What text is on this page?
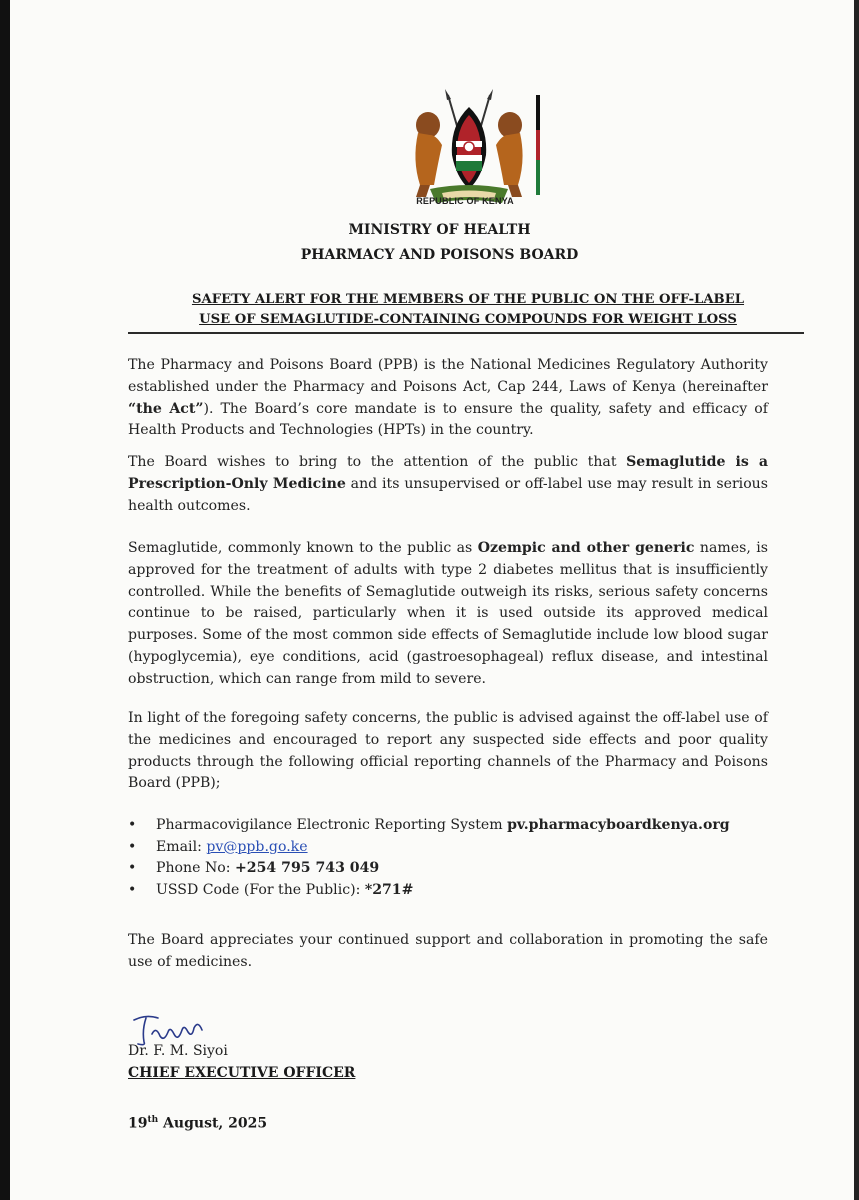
REPUBLIC OF KENYA
MINISTRY OF HEALTH
PHARMACY AND POISONS BOARD
SAFETY ALERT FOR THE MEMBERS OF THE PUBLIC ON THE OFF-LABEL
USE OF SEMAGLUTIDE-CONTAINING COMPOUNDS FOR WEIGHT LOSS
The Pharmacy and Poisons Board (PPB) is the National Medicines Regulatory Authority established under the Pharmacy and Poisons Act, Cap 244, Laws of Kenya (hereinafter “the Act”). The Board’s core mandate is to ensure the quality, safety and efficacy of Health Products and Technologies (HPTs) in the country.
The Board wishes to bring to the attention of the public that Semaglutide is a Prescription-Only Medicine and its unsupervised or off-label use may result in serious health outcomes.
Semaglutide, commonly known to the public as Ozempic and other generic names, is approved for the treatment of adults with type 2 diabetes mellitus that is insufficiently controlled. While the benefits of Semaglutide outweigh its risks, serious safety concerns continue to be raised, particularly when it is used outside its approved medical purposes. Some of the most common side effects of Semaglutide include low blood sugar (hypoglycemia), eye conditions, acid (gastroesophageal) reflux disease, and intestinal obstruction, which can range from mild to severe.
In light of the foregoing safety concerns, the public is advised against the off-label use of the medicines and encouraged to report any suspected side effects and poor quality products through the following official reporting channels of the Pharmacy and Poisons Board (PPB);
• Pharmacovigilance Electronic Reporting System pv.pharmacyboardkenya.org
• Email: pv@ppb.go.ke
• Phone No: +254 795 743 049
• USSD Code (For the Public): *271#
The Board appreciates your continued support and collaboration in promoting the safe use of medicines.
Dr. F. M. Siyoi
CHIEF EXECUTIVE OFFICER
19th August, 2025
